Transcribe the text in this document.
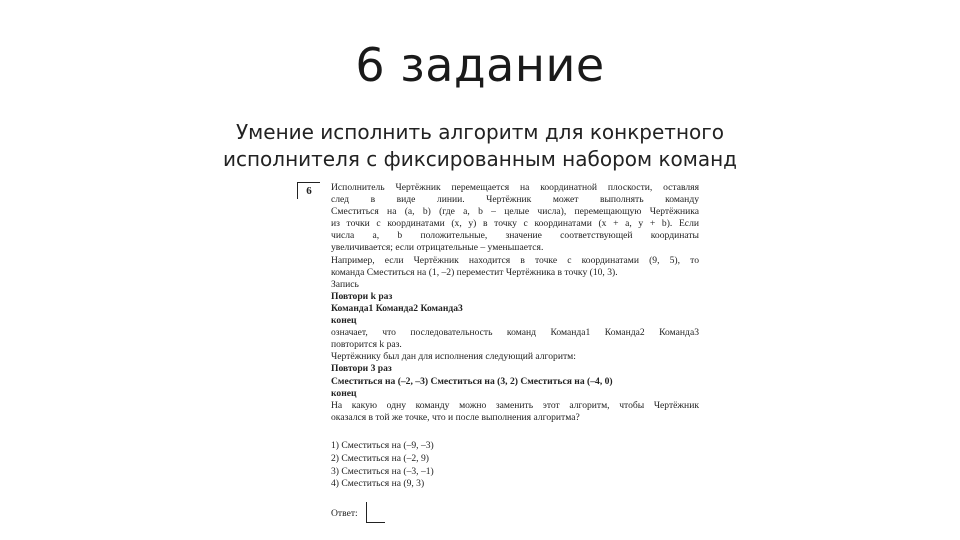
6 задание
Умение исполнить алгоритм для конкретного
исполнителя с фиксированным набором команд
6	Исполнитель Чертёжник перемещается на координатной плоскости, оставляя
след в виде линии. Чертёжник может выполнять команду
Сместиться на (a, b) (где a, b – целые числа), перемещающую Чертёжника
из точки с координатами (x, y) в точку с координатами (x + a, y + b). Если
числа a, b положительные, значение соответствующей координаты
увеличивается; если отрицательные – уменьшается.
Например, если Чертёжник находится в точке с координатами (9, 5), то
команда Сместиться на (1, –2) переместит Чертёжника в точку (10, 3).
Запись
Повтори k раз
Команда1 Команда2 Команда3
конец
означает, что последовательность команд Команда1 Команда2 Команда3
повторится k раз.
Чертёжнику был дан для исполнения следующий алгоритм:
Повтори 3 раз
Сместиться на (–2, –3) Сместиться на (3, 2) Сместиться на (–4, 0)
конец
На какую одну команду можно заменить этот алгоритм, чтобы Чертёжник
оказался в той же точке, что и после выполнения алгоритма?
1) Сместиться на (–9, –3)
2) Сместиться на (–2, 9)
3) Сместиться на (–3, –1)
4) Сместиться на (9, 3)
Ответ:
